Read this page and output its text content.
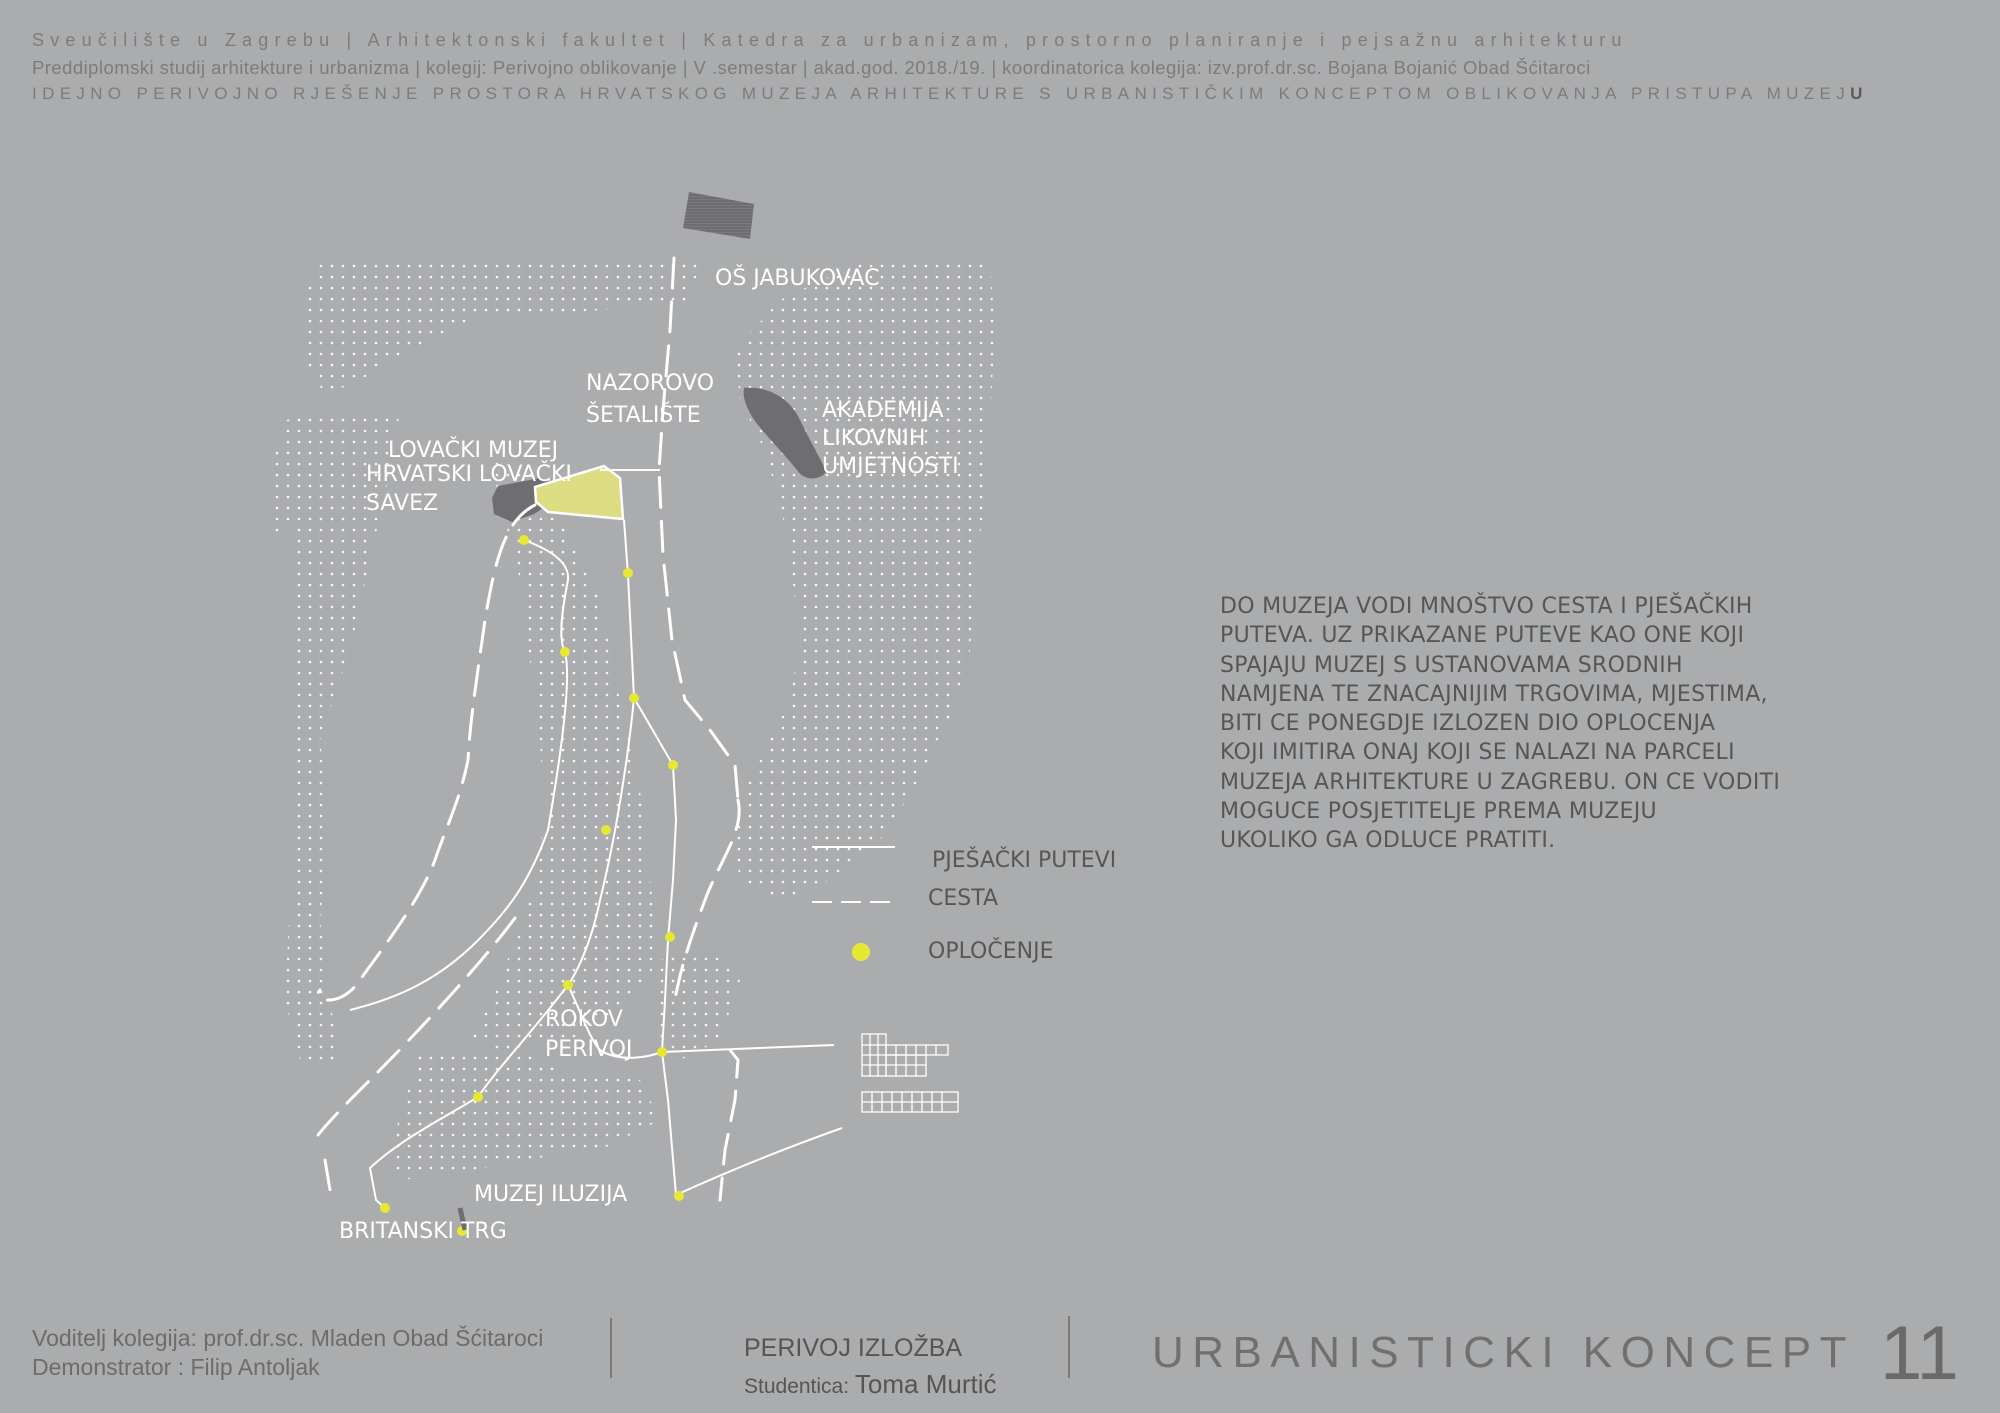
Sveučilište u Zagrebu | Arhitektonski fakultet | Katedra za urbanizam, prostorno planiranje i pejsažnu arhitekturu
Preddiplomski studij arhitekture i urbanizma | kolegij: Perivojno oblikovanje | V .semestar | akad.god. 2018./19. | koordinatorica kolegija: izv.prof.dr.sc. Bojana Bojanić Obad Šćitaroci
IDEJNO PERIVOJNO RJEŠENJE PROSTORA HRVATSKOG MUZEJA ARHITEKTURE S URBANISTIČKIM KONCEPTOM OBLIKOVANJA PRISTUPA MUZEJU
OŠ JABUKOVAC
NAZOROVO
ŠETALIŠTE	AKADEMIJA
LIKOVNIH
UMJETNOSTI
LOVAČKI MUZEJ
HRVATSKI LOVAČKI
SAVEZ
ROKOV
PERIVOJ
MUZEJ ILUZIJA
BRITANSKI TRG
PJEŠAČKI PUTEVI
CESTA
OPLOČENJE
DO MUZEJA VODI MNOŠTVO CESTA I PJEŠAČKIH
PUTEVA. UZ PRIKAZANE PUTEVE KAO ONE KOJI
SPAJAJU MUZEJ S USTANOVAMA SRODNIH
NAMJENA TE ZNACAJNIJIM TRGOVIMA, MJESTIMA,
BITI CE PONEGDJE IZLOZEN DIO OPLOCENJA
KOJI IMITIRA ONAJ KOJI SE NALAZI NA PARCELI
MUZEJA ARHITEKTURE U ZAGREBU. ON CE VODITI
MOGUCE POSJETITELJE PREMA MUZEJU
UKOLIKO GA ODLUCE PRATITI.
Voditelj kolegija: prof.dr.sc. Mladen Obad Šćitaroci
Demonstrator : Filip Antoljak
PERIVOJ IZLOŽBA
Studentica: Toma Murtić
URBANISTICKI KONCEPT 11
